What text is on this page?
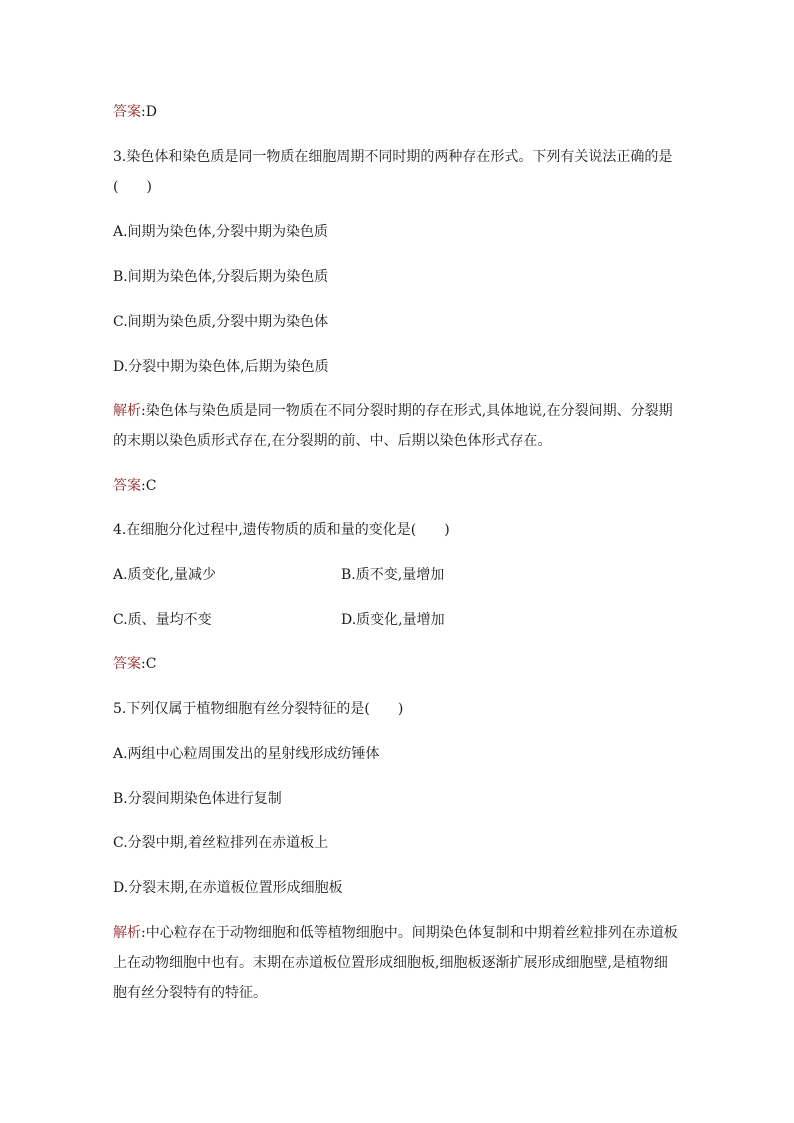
答案:D
3.染色体和染色质是同一物质在细胞周期不同时期的两种存在形式。下列有关说法正确的是
(　　)
A.间期为染色体,分裂中期为染色质
B.间期为染色体,分裂后期为染色质
C.间期为染色质,分裂中期为染色体
D.分裂中期为染色体,后期为染色质
解析:染色体与染色质是同一物质在不同分裂时期的存在形式,具体地说,在分裂间期、分裂期
的末期以染色质形式存在,在分裂期的前、中、后期以染色体形式存在。
答案:C
4.在细胞分化过程中,遗传物质的质和量的变化是(　　)
A.质变化,量减少	B.质不变,量增加
C.质、量均不变	D.质变化,量增加
答案:C
5.下列仅属于植物细胞有丝分裂特征的是(　　)
A.两组中心粒周围发出的星射线形成纺锤体
B.分裂间期染色体进行复制
C.分裂中期,着丝粒排列在赤道板上
D.分裂末期,在赤道板位置形成细胞板
解析:中心粒存在于动物细胞和低等植物细胞中。间期染色体复制和中期着丝粒排列在赤道板
上在动物细胞中也有。末期在赤道板位置形成细胞板,细胞板逐渐扩展形成细胞壁,是植物细
胞有丝分裂特有的特征。
